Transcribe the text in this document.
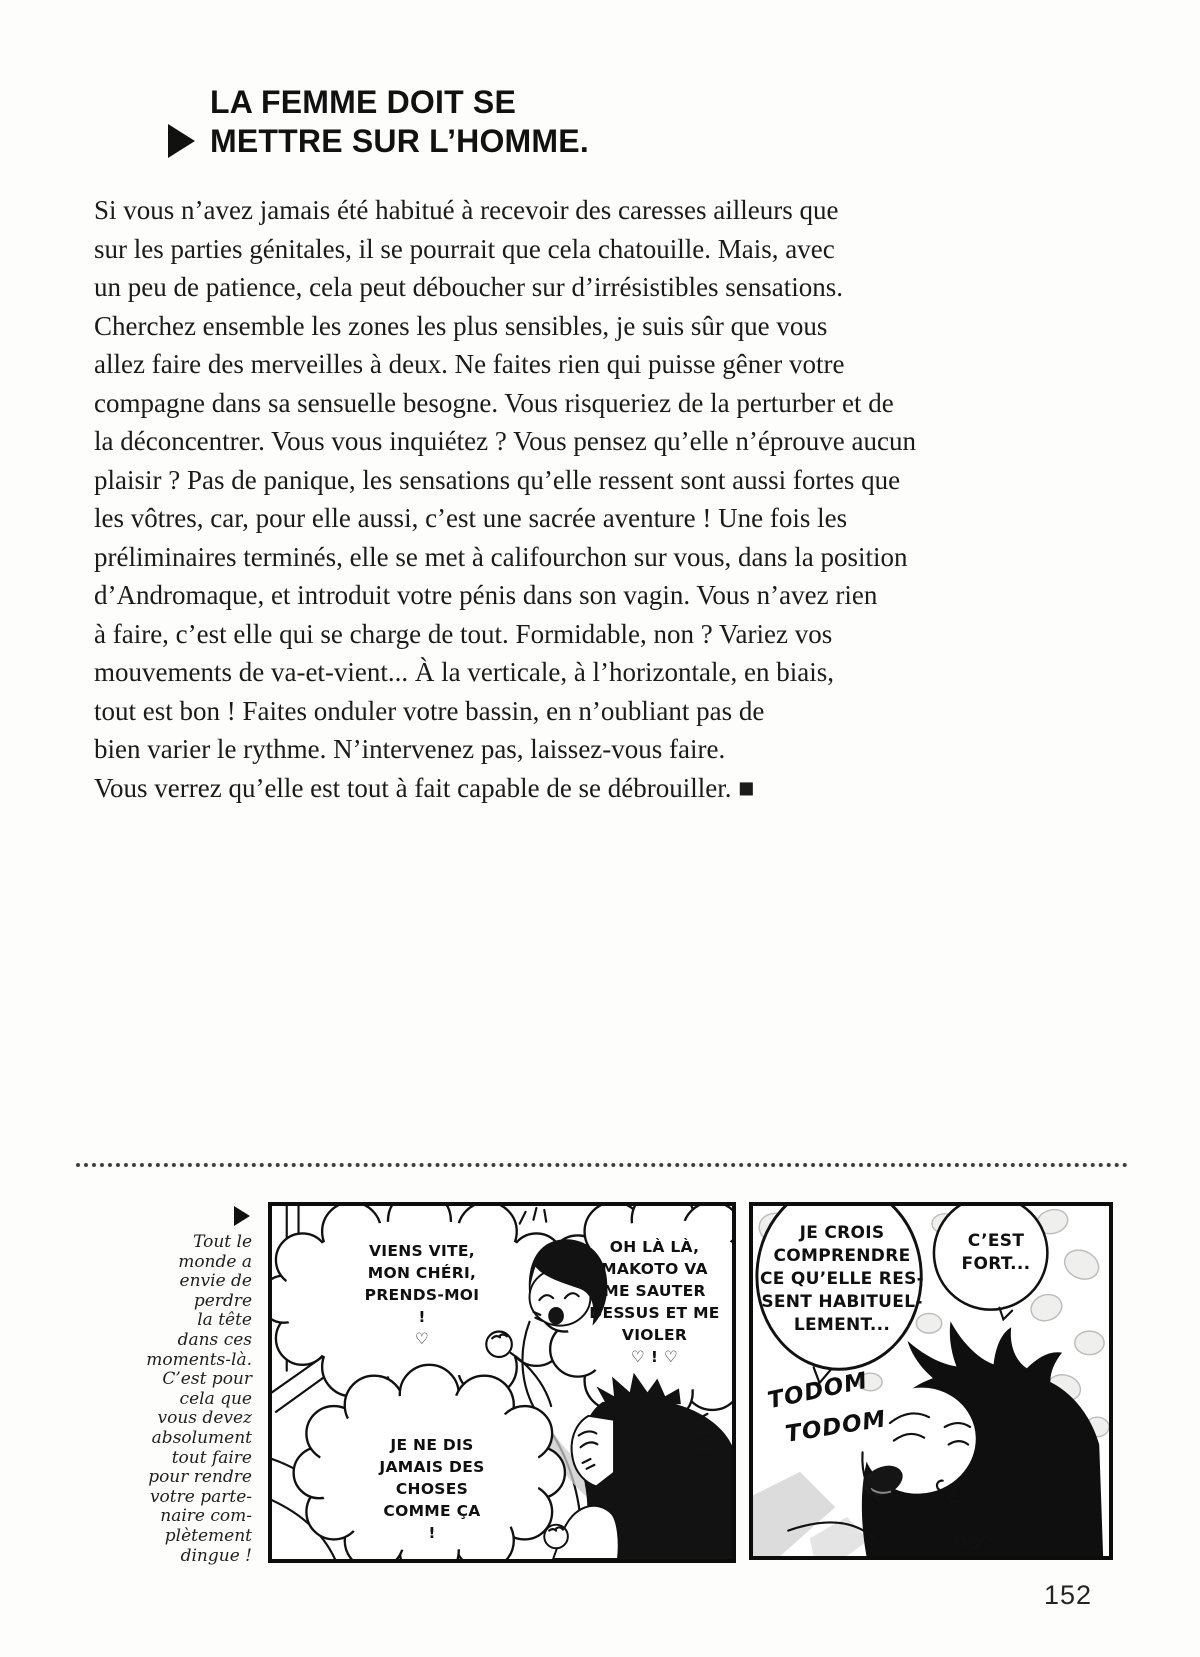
LA FEMME DOIT SE
METTRE SUR L’HOMME.
Si vous n’avez jamais été habitué à recevoir des caresses ailleurs que
sur les parties génitales, il se pourrait que cela chatouille. Mais, avec
un peu de patience, cela peut déboucher sur d’irrésistibles sensations.
Cherchez ensemble les zones les plus sensibles, je suis sûr que vous
allez faire des merveilles à deux. Ne faites rien qui puisse gêner votre
compagne dans sa sensuelle besogne. Vous risqueriez de la perturber et de
la déconcentrer. Vous vous inquiétez ? Vous pensez qu’elle n’éprouve aucun
plaisir ? Pas de panique, les sensations qu’elle ressent sont aussi fortes que
les vôtres, car, pour elle aussi, c’est une sacrée aventure ! Une fois les
préliminaires terminés, elle se met à califourchon sur vous, dans la position
d’Andromaque, et introduit votre pénis dans son vagin. Vous n’avez rien
à faire, c’est elle qui se charge de tout. Formidable, non ? Variez vos
mouvements de va-et-vient... À la verticale, à l’horizontale, en biais,
tout est bon ! Faites onduler votre bassin, en n’oubliant pas de
bien varier le rythme. N’intervenez pas, laissez-vous faire.
Vous verrez qu’elle est tout à fait capable de se débrouiller. ■
Tout le
monde a
envie de
perdre
la tête
dans ces
moments-là.
C’est pour
cela que
vous devez
absolument
tout faire
pour rendre
votre parte-
naire com-
plètement
dingue !
VIENS VITE,
MON CHÉRI,
PRENDS-MOI
!
♡
OH LÀ LÀ,
MAKOTO VA
ME SAUTER
DESSUS ET ME
VIOLER
♡ ! ♡
JE NE DIS
JAMAIS DES
CHOSES
COMME ÇA
!
JE CROIS
COMPRENDRE
CE QU’ELLE RES-
SENT HABITUEL-
LEMENT...
C’EST
FORT...
TODOM
TODOM
152
